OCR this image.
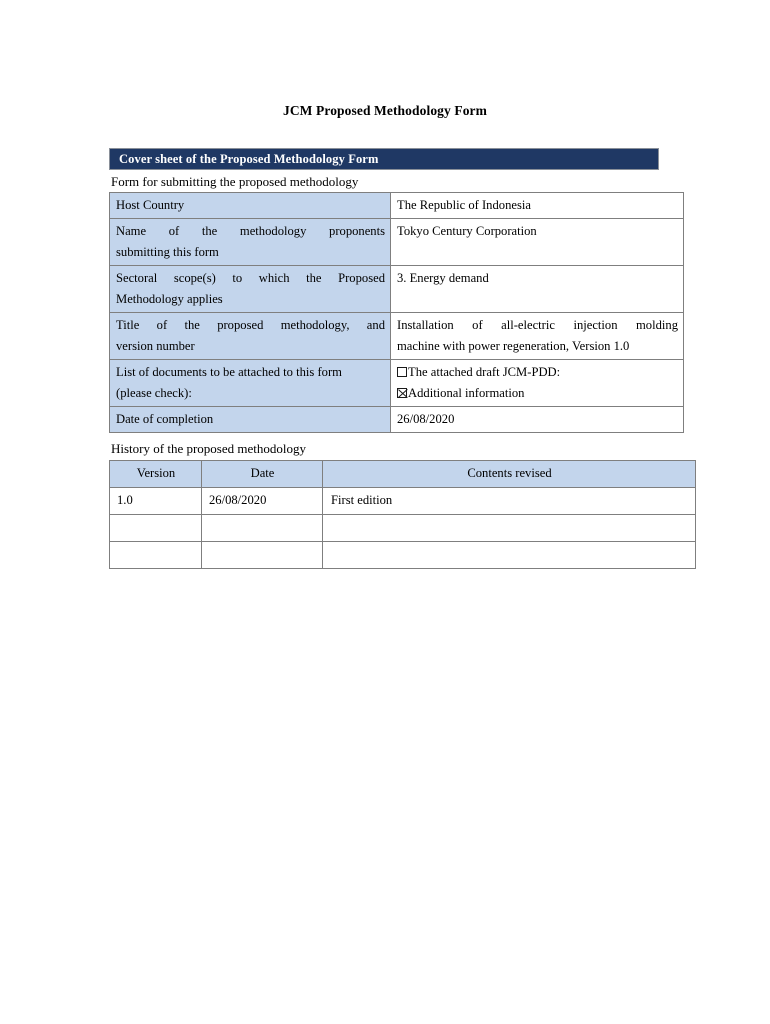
JCM Proposed Methodology Form
Cover sheet of the Proposed Methodology Form
Form for submitting the proposed methodology
Host Country	The Republic of Indonesia

Name of the methodology proponents
submitting this form	Tokyo Century Corporation

Sectoral scope(s) to which the Proposed
Methodology applies	3. Energy demand

Title of the proposed methodology, and
version number	Installation of all-electric injection molding
machine with power regeneration, Version 1.0

List of documents to be attached to this form
(please check):	The attached draft JCM-PDD:
Additional information

Date of completion	26/08/2020
History of the proposed methodology
Version	Date	Contents revised
1.0	26/08/2020	First edition
